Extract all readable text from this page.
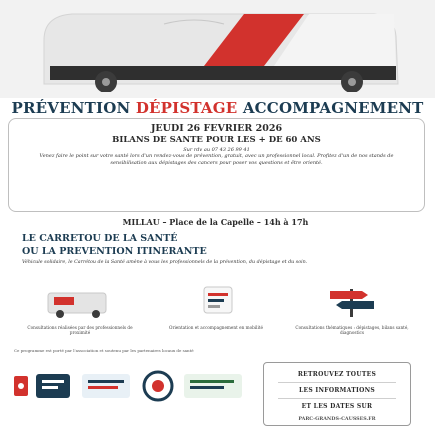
PRÉVENTION DÉPISTAGE ACCOMPAGNEMENT
JEUDI 26 FEVRIER 2026
BILANS DE SANTE POUR LES + DE 60 ANS
Sur rdv au 07 43 26 99 41
Venez faire le point sur votre santé lors d'un rendez-vous de prévention, gratuit, avec un professionnel local. Profitez d'un de nos stands de sensibilisation aux dépistages des cancers pour poser vos questions et être orienté.
MILLAU – Place de la Capelle – 14h à 17h
LE CARRETOU DE LA SANTÉ
OU LA PREVENTION ITINERANTE
Véhicule solidaire, le Carrétou de la Santé amène à vous les professionnels de la prévention, du dépistage et du soin.
Consultations réalisées par des professionnels de proximité
Orientation et accompagnement en mobilité	Consultations thématiques : dépistages, bilans santé, diagnostics
Ce programme est porté par l'association et soutenu par les partenaires locaux de santé
RETROUVEZ TOUTES
LES INFORMATIONS
ET LES DATES SUR
PARC-GRANDS-CAUSSES.FR
